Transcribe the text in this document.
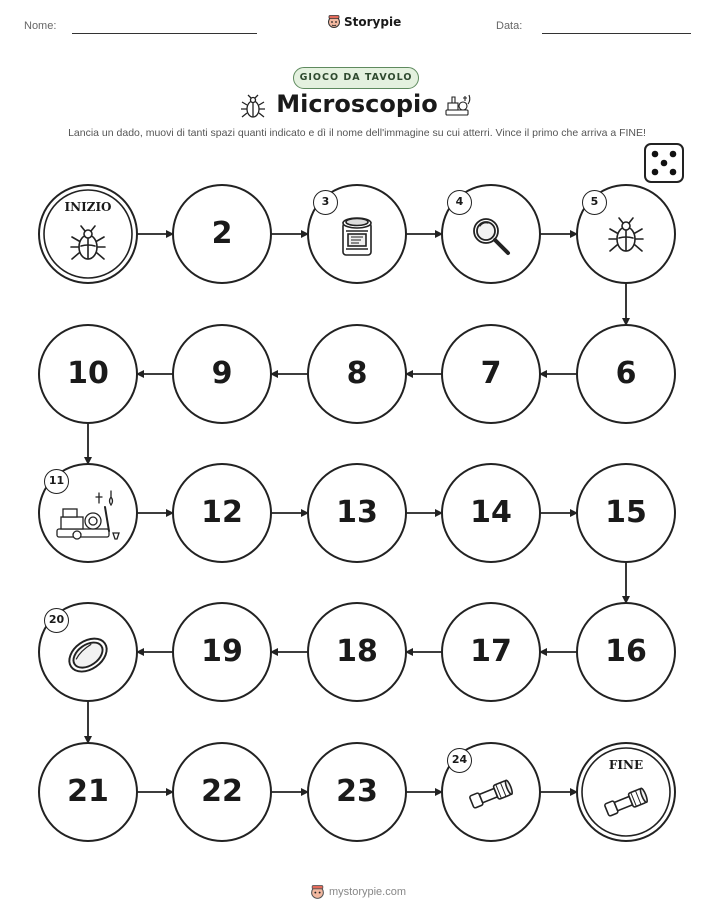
Nome:	Storypie	Data:
GIOCO DA TAVOLO
Microscopio
Lancia un dado, muovi di tanti spazi quanti indicato e dì il nome dell'immagine su cui atterri. Vince il primo che arriva a FINE!
INIZIO
2
3	4	5
6
7
8
9
10
11
12	13	14	15
16
17
18
19
20
21	22	23
24	FINE
mystorypie.com
